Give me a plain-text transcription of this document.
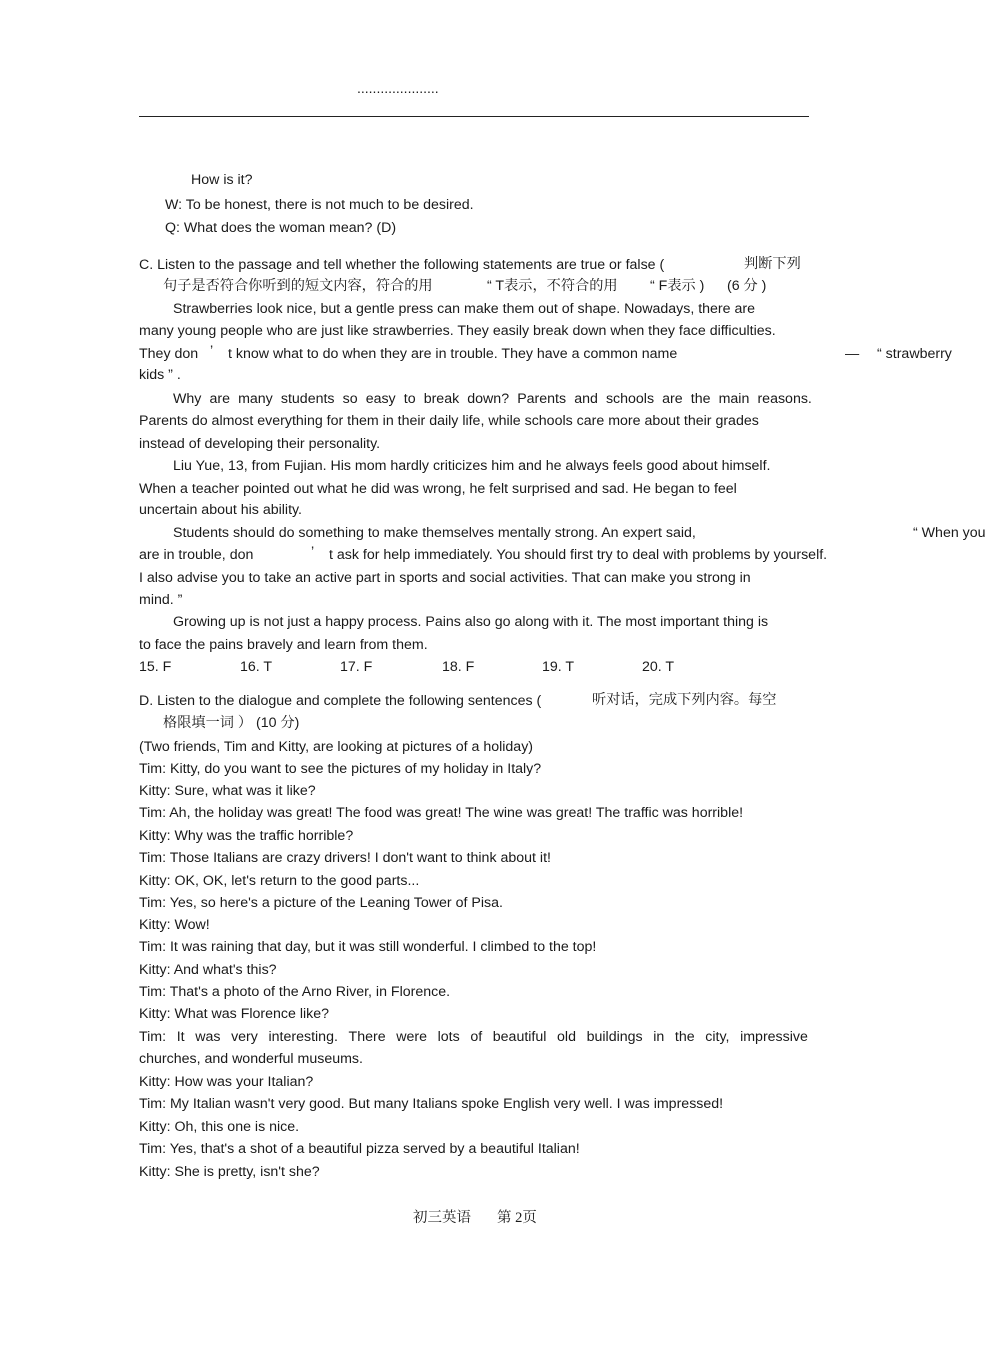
.....................
How is it?
W: To be honest, there is not much to be desired.
Q: What does the woman mean? (D)
C. Listen to the passage and tell whether the following statements are true or false (	判断下列
句子是否符合你听到的短文内容，符合的用	“ T表示，不符合的用 “ F表示 ) (6 分 )
Strawberries look nice, but a gentle press can make them out of shape. Nowadays, there are
many young people who are just like strawberries. They easily break down when they face difficulties.
They don ’ t know what to do when they are in trouble. They have a common name	— “ strawberry
kids ” .
Why are many students so easy to break down? Parents and schools are the main reasons.
Parents do almost everything for them in their daily life, while schools care more about their grades
instead of developing their personality.
Liu Yue, 13, from Fujian. His mom hardly criticizes him and he always feels good about himself.
When a teacher pointed out what he did was wrong, he felt surprised and sad. He began to feel
uncertain about his ability.
Students should do something to make themselves mentally strong. An expert said,	“ When you
are in trouble, don	’ t ask for help immediately. You should first try to deal with problems by yourself.
I also advise you to take an active part in sports and social activities. That can make you strong in
mind. ”
Growing up is not just a happy process. Pains also go along with it. The most important thing is
to face the pains bravely and learn from them.
15. F	16. T	17. F	18. F	19. T	20. T
D. Listen to the dialogue and complete the following sentences (	听对话，完成下列内容。每空
格限填一词 ） (10 分)
(Two friends, Tim and Kitty, are looking at pictures of a holiday)
Tim: Kitty, do you want to see the pictures of my holiday in Italy?
Kitty: Sure, what was it like?
Tim: Ah, the holiday was great! The food was great! The wine was great! The traffic was horrible!
Kitty: Why was the traffic horrible?
Tim: Those Italians are crazy drivers! I don't want to think about it!
Kitty: OK, OK, let's return to the good parts...
Tim: Yes, so here's a picture of the Leaning Tower of Pisa.
Kitty: Wow!
Tim: It was raining that day, but it was still wonderful. I climbed to the top!
Kitty: And what's this?
Tim: That's a photo of the Arno River, in Florence.
Kitty: What was Florence like?
Tim: It was very interesting. There were lots of beautiful old buildings in the city, impressive
churches, and wonderful museums.
Kitty: How was your Italian?
Tim: My Italian wasn't very good. But many Italians spoke English very well. I was impressed!
Kitty: Oh, this one is nice.
Tim: Yes, that's a shot of a beautiful pizza served by a beautiful Italian!
Kitty: She is pretty, isn't she?
初三英语 第 2页
